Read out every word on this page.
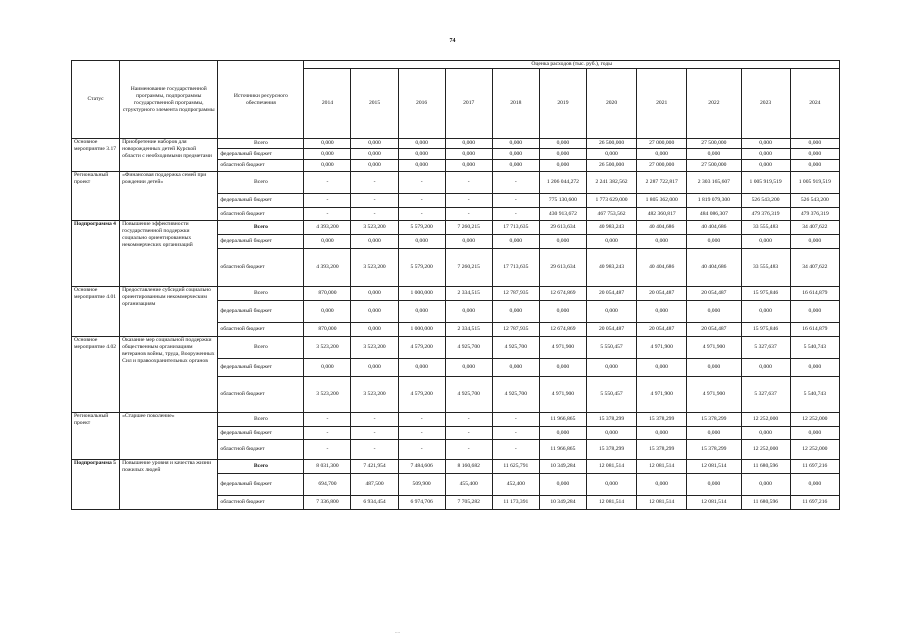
74
Статус	Наименование государственной программы, подпрограммы государственной программы, структурного элемента подпрограммы	Источники ресурсного обеспечения	Оценка расходов (тыс. руб.), годы										
			2014	2015	2016	2017	2018	2019	2020	2021	2022	2023	2024
Основное мероприятие 3.17	Приобретение наборов для новорожденных детей Курской области с необходимыми предметами	Всего	0,000	0,000	0,000	0,000	0,000	0,000	26 500,000	27 000,000	27 500,000	0,000	0,000
		федеральный бюджет	0,000	0,000	0,000	0,000	0,000	0,000	0,000	0,000	0,000	0,000	0,000
		областной бюджет	0,000	0,000	0,000	0,000	0,000	0,000	26 500,000	27 000,000	27 500,000	0,000	0,000
Региональный проект	«Финансовая поддержка семей при рождении детей»	Всего	-	-	-	-	-	1 206 044,272	2 241 382,562	2 287 722,817	2 303 165,607	1 005 919,519	1 005 919,519
		федеральный бюджет	-	-	-	-	-	775 130,600	1 773 629,000	1 805 362,000	1 819 079,300	526 543,200	526 543,200
		областной бюджет	-	-	-	-	-	430 913,672	467 753,562	482 360,817	484 086,307	479 376,319	479 376,319
Подпрограмма 4	Повышение эффективности государственной поддержки социально ориентированных некоммерческих организаций	Всего	4 393,200	3 523,200	5 579,200	7 260,215	17 713,635	29 613,634	40 983,243	40 404,686	40 404,686	33 555,483	34 407,622
		федеральный бюджет	0,000	0,000	0,000	0,000	0,000	0,000	0,000	0,000	0,000	0,000	0,000
		областной бюджет	4 393,200	3 523,200	5 579,200	7 260,215	17 713,635	29 613,634	40 983,243	40 404,686	40 404,686	33 555,483	34 407,622
Основное мероприятие 4.01	Предоставление субсидий социально ориентированным некоммерческим организациям	Всего	870,000	0,000	1 000,000	2 334,515	12 787,935	12 674,869	20 054,487	20 054,487	20 054,487	15 975,846	16 614,879
		федеральный бюджет	0,000	0,000	0,000	0,000	0,000	0,000	0,000	0,000	0,000	0,000	0,000
		областной бюджет	870,000	0,000	1 000,000	2 334,515	12 787,935	12 674,869	20 054,487	20 054,487	20 054,487	15 975,846	16 614,879
Основное мероприятие 4.02	Оказание мер социальной поддержки общественным организациям ветеранов войны, труда, Вооруженных Сил и правоохранительных органов	Всего	3 523,200	3 523,200	4 579,200	4 925,700	4 925,700	4 971,900	5 550,457	4 971,900	4 971,900	5 327,637	5 540,743
		федеральный бюджет	0,000	0,000	0,000	0,000	0,000	0,000	0,000	0,000	0,000	0,000	0,000
		областной бюджет	3 523,200	3 523,200	4 579,200	4 925,700	4 925,700	4 971,900	5 550,457	4 971,900	4 971,900	5 327,637	5 540,743
Региональный проект	«Старшее поколение»	Всего	-	-	-	-	-	11 966,865	15 378,299	15 378,299	15 378,299	12 252,000	12 252,000
		федеральный бюджет	-	-	-	-	-	0,000	0,000	0,000	0,000	0,000	0,000
		областной бюджет	-	-	-	-	-	11 966,865	15 378,299	15 378,299	15 378,299	12 252,000	12 252,000
Подпрограмма 5	Повышение уровня и качества жизни пожилых людей	Всего	8 031,300	7 421,954	7 484,606	8 160,682	11 625,791	10 349,284	12 081,514	12 081,514	12 081,514	11 680,596	11 697,216
		федеральный бюджет	694,700	487,500	509,900	455,400	452,400	0,000	0,000	0,000	0,000	0,000	0,000
		областной бюджет	7 336,800	6 934,454	6 974,706	7 705,282	11 173,391	10 349,284	12 081,514	12 081,514	12 081,514	11 680,596	11 697,216
....
